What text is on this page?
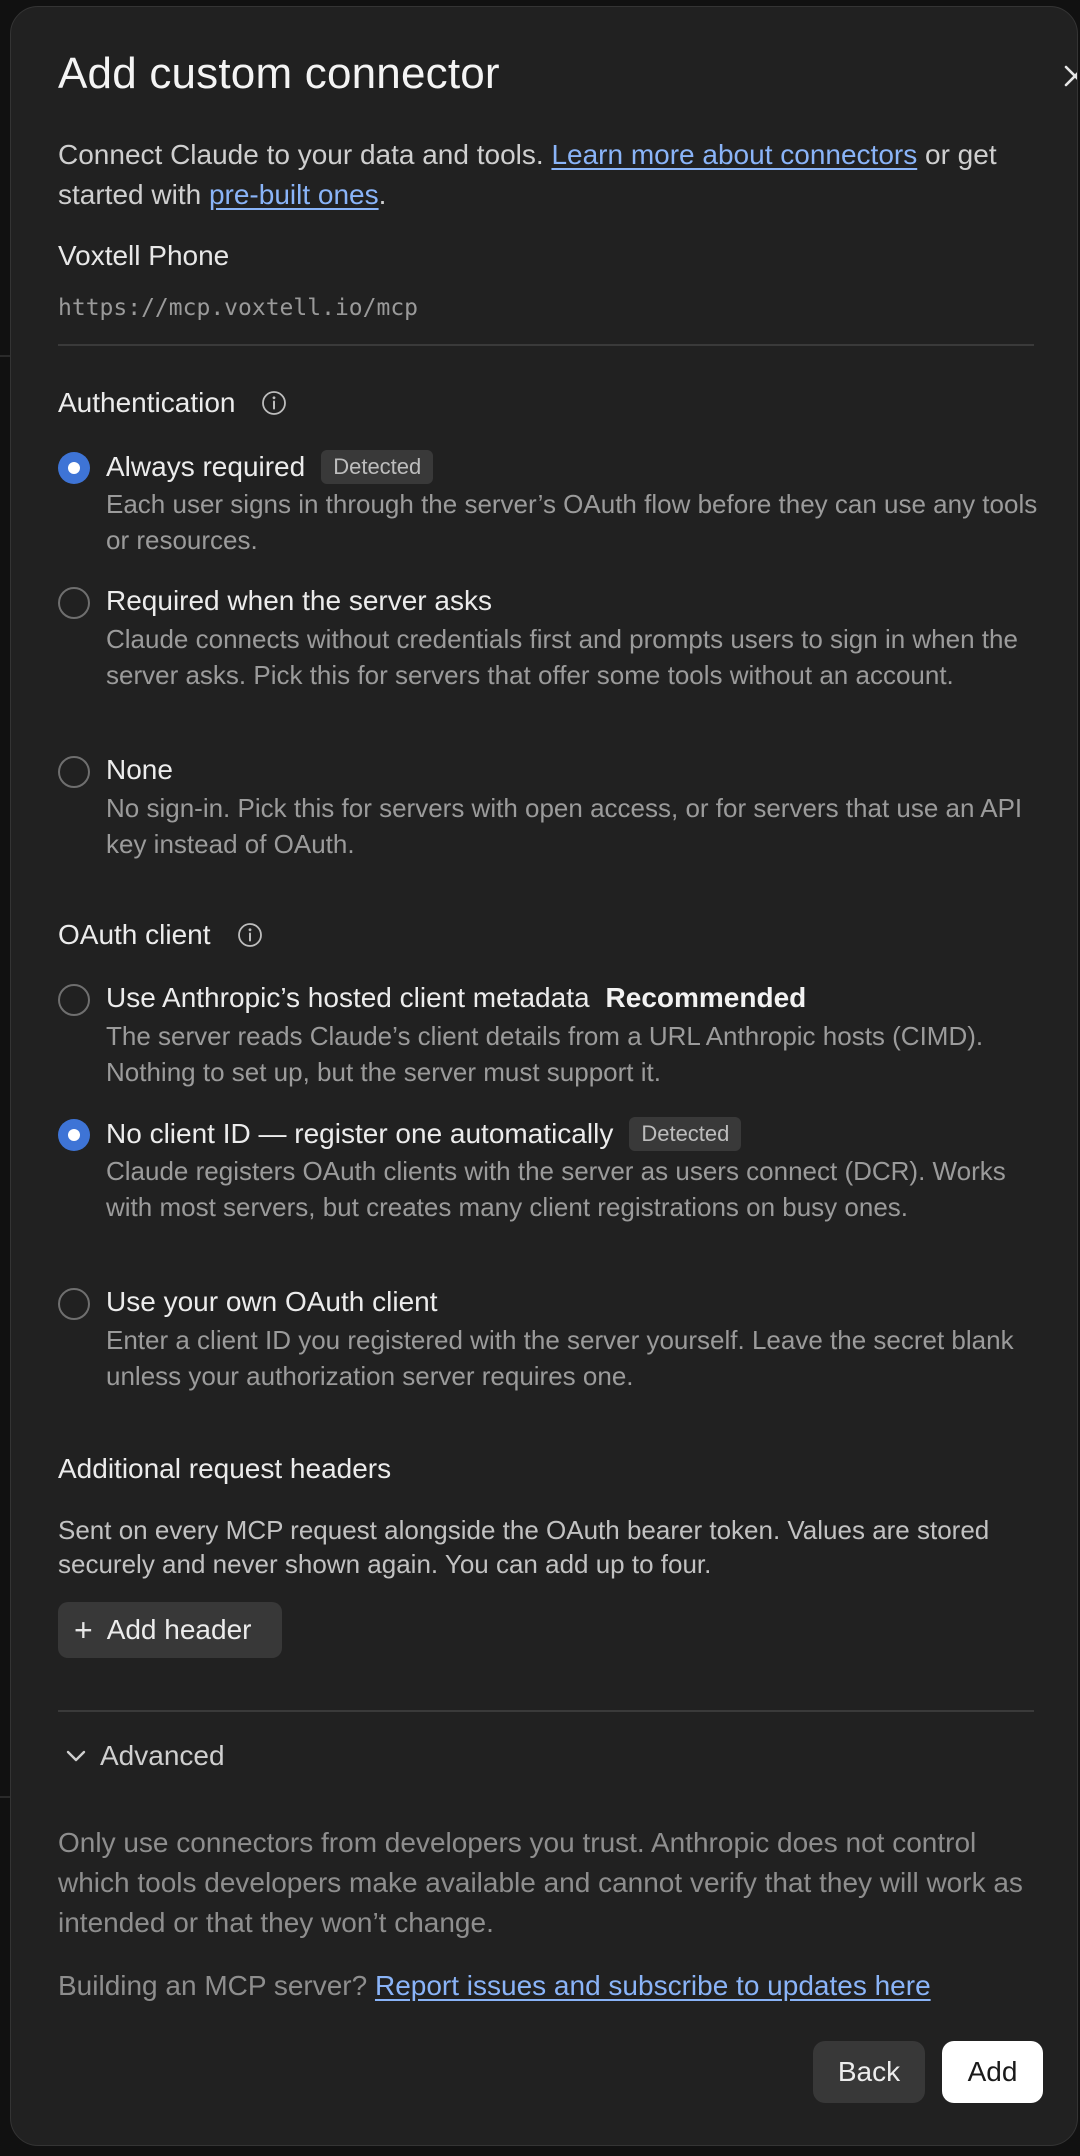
Add custom connector
Connect Claude to your data and tools. Learn more about connectors or get started with pre-built ones.
Voxtell Phone
https://mcp.voxtell.io/mcp
Authentication
Always required	Detected
Each user signs in through the server’s OAuth flow before they can use any tools or resources.
Required when the server asks
Claude connects without credentials first and prompts users to sign in when the server asks. Pick this for servers that offer some tools without an account.
None
No sign-in. Pick this for servers with open access, or for servers that use an API key instead of OAuth.
OAuth client
Use Anthropic’s hosted client metadata Recommended
The server reads Claude’s client details from a URL Anthropic hosts (CIMD). Nothing to set up, but the server must support it.
No client ID — register one automatically	Detected
Claude registers OAuth clients with the server as users connect (DCR). Works with most servers, but creates many client registrations on busy ones.
Use your own OAuth client
Enter a client ID you registered with the server yourself. Leave the secret blank unless your authorization server requires one.
Additional request headers
Sent on every MCP request alongside the OAuth bearer token. Values are stored securely and never shown again. You can add up to four.
+ Add header
Advanced
Only use connectors from developers you trust. Anthropic does not control which tools developers make available and cannot verify that they will work as intended or that they won’t change.
Building an MCP server? Report issues and subscribe to updates here
Back	Add
